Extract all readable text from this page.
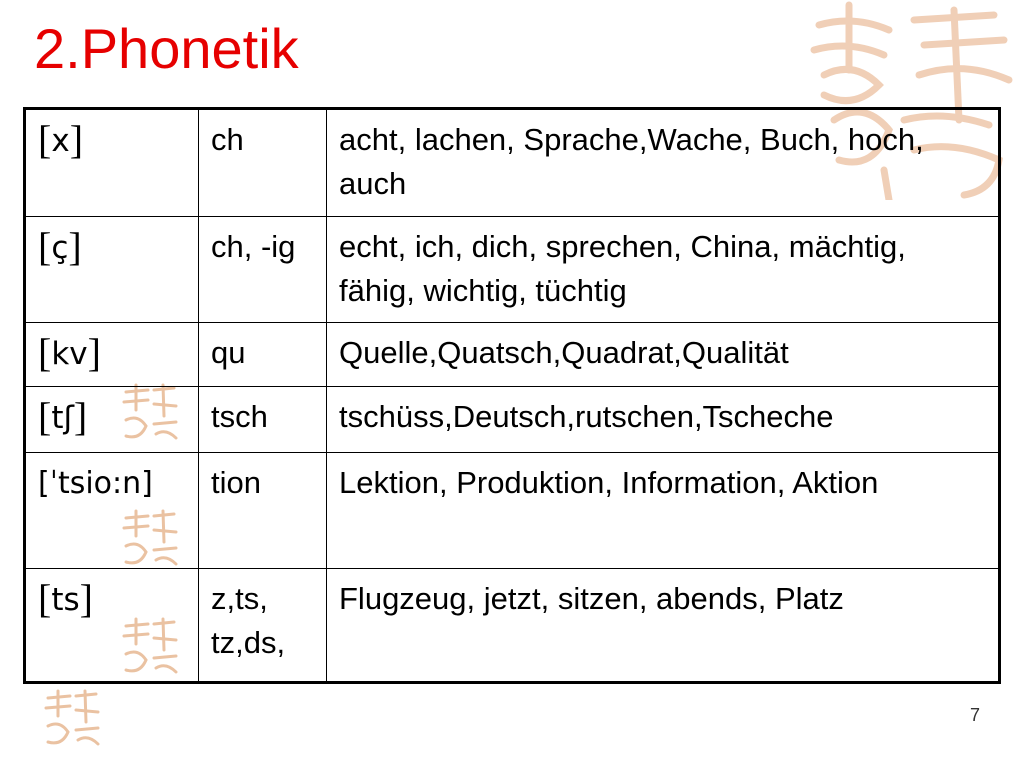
2.Phonetik
[x]	ch	acht, lachen, Sprache,Wache, Buch, hoch, auch
[ç]	ch, -ig	echt, ich, dich, sprechen, China, mächtig, fähig, wichtig, tüchtig
[kv]	qu	Quelle,Quatsch,Quadrat,Qualität
[tʃ]	tsch	tschüss,Deutsch,rutschen,Tscheche
[ˈtsio:n]	tion	Lektion, Produktion, Information, Aktion
[ts]	z,ts, tz,ds,	Flugzeug, jetzt, sitzen, abends, Platz
7
